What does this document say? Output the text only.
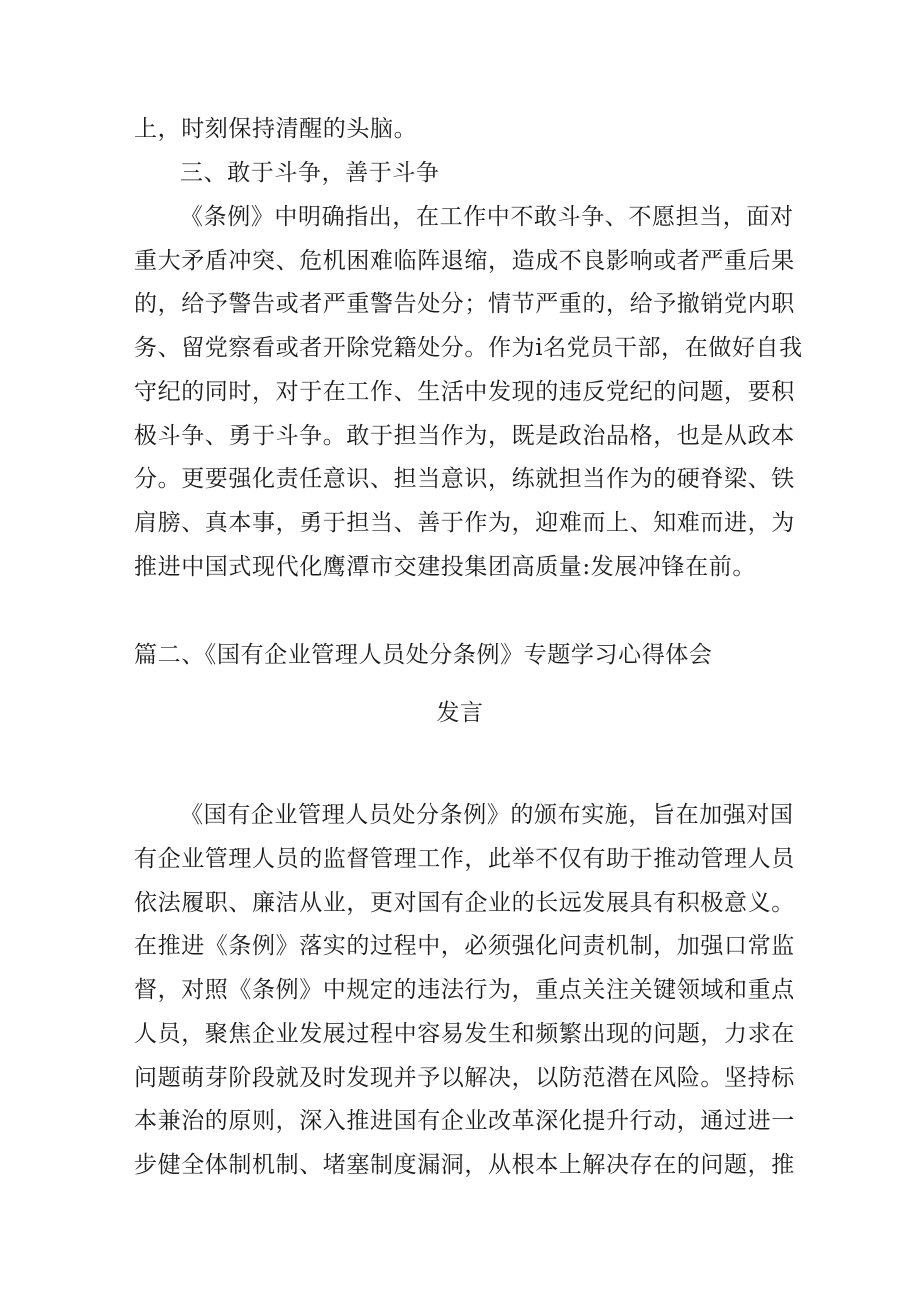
上，时刻保持清醒的头脑。
三、敢于斗争，善于斗争
《条例》中明确指出，在工作中不敢斗争、不愿担当，面对
重大矛盾冲突、危机困难临阵退缩，造成不良影响或者严重后果
的，给予警告或者严重警告处分；情节严重的，给予撤销党内职
务、留党察看或者开除党籍处分。作为i名党员干部，在做好自我
守纪的同时，对于在工作、生活中发现的违反党纪的问题，要积
极斗争、勇于斗争。敢于担当作为，既是政治品格，也是从政本
分。更要强化责任意识、担当意识，练就担当作为的硬脊梁、铁
肩膀、真本事，勇于担当、善于作为，迎难而上、知难而进，为
推进中国式现代化鹰潭市交建投集团高质量:发展冲锋在前。
篇二、《国有企业管理人员处分条例》专题学习心得体会
发言
《国有企业管理人员处分条例》的颁布实施，旨在加强对国
有企业管理人员的监督管理工作，此举不仅有助于推动管理人员
依法履职、廉洁从业，更对国有企业的长远发展具有积极意义。
在推进《条例》落实的过程中，必须强化问责机制，加强口常监
督，对照《条例》中规定的违法行为，重点关注关键领域和重点
人员，聚焦企业发展过程中容易发生和频繁出现的问题，力求在
问题萌芽阶段就及时发现并予以解决，以防范潜在风险。坚持标
本兼治的原则，深入推进国有企业改革深化提升行动，通过进一
步健全体制机制、堵塞制度漏洞，从根本上解决存在的问题，推
